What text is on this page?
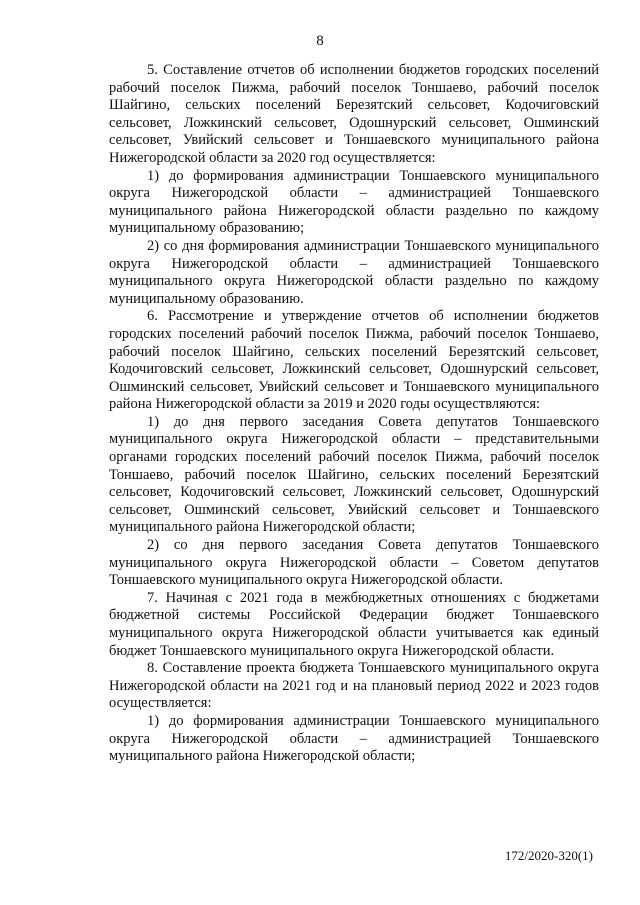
8

5. Составление отчетов об исполнении бюджетов городских поселений рабочий поселок Пижма, рабочий поселок Тоншаево, рабочий поселок Шайгино, сельских поселений Березятский сельсовет, Кодочиговский сельсовет, Ложкинский сельсовет, Одошнурский сельсовет, Ошминский сельсовет, Увийский сельсовет и Тоншаевского муниципального района Нижегородской области за 2020 год осуществляется:

1) до формирования администрации Тоншаевского муниципального округа Нижегородской области – администрацией Тоншаевского муниципального района Нижегородской области раздельно по каждому муниципальному образованию;

2) со дня формирования администрации Тоншаевского муниципального округа Нижегородской области – администрацией Тоншаевского муниципального округа Нижегородской области раздельно по каждому муниципальному образованию.

6. Рассмотрение и утверждение отчетов об исполнении бюджетов городских поселений рабочий поселок Пижма, рабочий поселок Тоншаево, рабочий поселок Шайгино, сельских поселений Березятский сельсовет, Кодочиговский сельсовет, Ложкинский сельсовет, Одошнурский сельсовет, Ошминский сельсовет, Увийский сельсовет и Тоншаевского муниципального района Нижегородской области за 2019 и 2020 годы осуществляются:

1) до дня первого заседания Совета депутатов Тоншаевского муниципального округа Нижегородской области – представительными органами городских поселений рабочий поселок Пижма, рабочий поселок Тоншаево, рабочий поселок Шайгино, сельских поселений Березятский сельсовет, Кодочиговский сельсовет, Ложкинский сельсовет, Одошнурский сельсовет, Ошминский сельсовет, Увийский сельсовет и Тоншаевского муниципального района Нижегородской области;

2) со дня первого заседания Совета депутатов Тоншаевского муниципального округа Нижегородской области – Советом депутатов Тоншаевского муниципального округа Нижегородской области.

7. Начиная с 2021 года в межбюджетных отношениях с бюджетами бюджетной системы Российской Федерации бюджет Тоншаевского муниципального округа Нижегородской области учитывается как единый бюджет Тоншаевского муниципального округа Нижегородской области.

8. Составление проекта бюджета Тоншаевского муниципального округа Нижегородской области на 2021 год и на плановый период 2022 и 2023 годов осуществляется:

1) до формирования администрации Тоншаевского муниципального округа Нижегородской области – администрацией Тоншаевского муниципального района Нижегородской области;

172/2020-320(1)
